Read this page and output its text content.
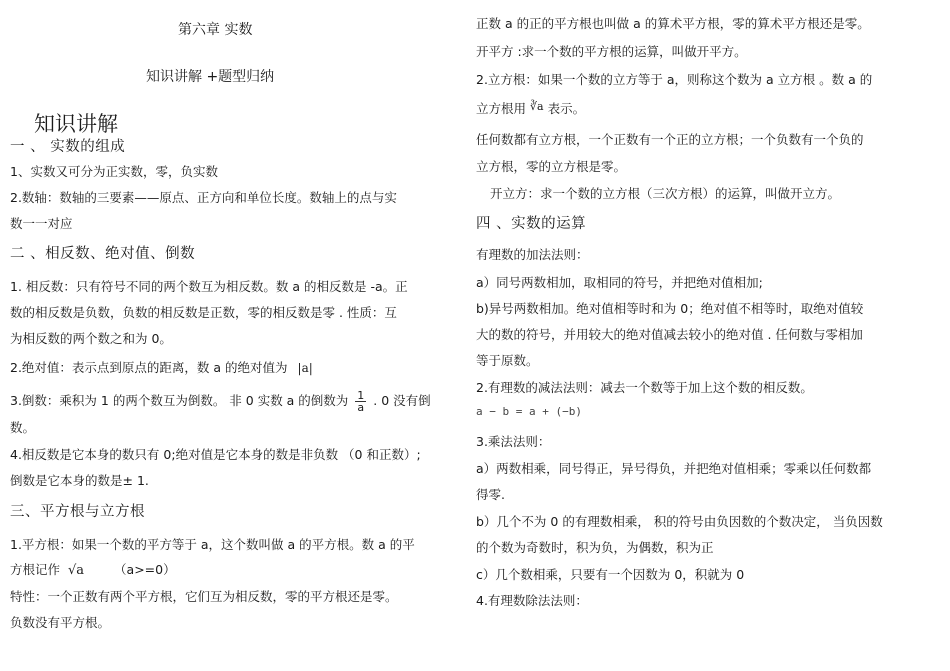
第六章 实数
知识讲解 +题型归纳
知识讲解
一 、 实数的组成
1、实数又可分为正实数，零，负实数
2.数轴：数轴的三要素——原点、正方向和单位长度。数轴上的点与实
数一一对应
二 、相反数、绝对值、倒数
1. 相反数：只有符号不同的两个数互为相反数。数 a 的相反数是 -a。正
数的相反数是负数，负数的相反数是正数，零的相反数是零 . 性质：互
为相反数的两个数之和为 0。
2.绝对值：表示点到原点的距离，数 a 的绝对值为 |a|
3.倒数：乘积为 1 的两个数互为倒数。 非 0 实数 a 的倒数为 $\frac{1}{a}$ . 0 没有倒
数。
4.相反数是它本身的数只有 0;绝对值是它本身的数是非负数 （0 和正数）;
倒数是它本身的数是± 1.
三、平方根与立方根
1.平方根：如果一个数的平方等于 a，这个数叫做 a 的平方根。数 a 的平
方根记作 √a （a>=0）
特性：一个正数有两个平方根，它们互为相反数，零的平方根还是零。
负数没有平方根。
正数 a 的正的平方根也叫做 a 的算术平方根，零的算术平方根还是零。
开平方 :求一个数的平方根的运算，叫做开平方。
2.立方根：如果一个数的立方等于 a，则称这个数为 a 立方根 。数 a 的
立方根用 ∛a 表示。
任何数都有立方根，一个正数有一个正的立方根；一个负数有一个负的
立方根，零的立方根是零。
开立方：求一个数的立方根（三次方根）的运算，叫做开立方。
四 、实数的运算
有理数的加法法则：
a）同号两数相加，取相同的符号，并把绝对值相加;
b)异号两数相加。绝对值相等时和为 0；绝对值不相等时，取绝对值较
大的数的符号，并用较大的绝对值减去较小的绝对值 . 任何数与零相加
等于原数。
2.有理数的减法法则：减去一个数等于加上这个数的相反数。
a − b = a + (−b)
3.乘法法则：
a）两数相乘，同号得正，异号得负，并把绝对值相乘；零乘以任何数都
得零.
b）几个不为 0 的有理数相乘， 积的符号由负因数的个数决定， 当负因数
的个数为奇数时，积为负，为偶数，积为正
c）几个数相乘，只要有一个因数为 0，积就为 0
4.有理数除法法则：
